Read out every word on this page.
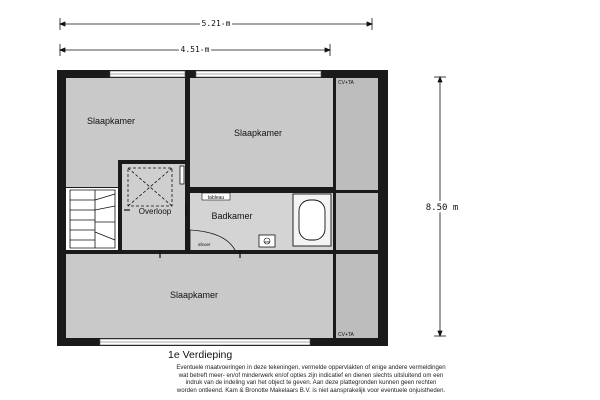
5.21 m
4.51 m
8.50 m
tableau
wm
afvoer
CV+TA
CV+TA
Slaapkamer
Slaapkamer
Overloop	Badkamer
Slaapkamer
1e Verdieping
Eventuele maatvoeringen in deze tekeningen, vermelde oppervlakten of enige andere vermeldingen
wat betreft meer- en/of minderwerk en/of opties zijn indicatief en dienen slechts uitsluitend om een
indruk van de indeling van het object te geven. Aan deze plattegronden kunnen geen rechten
worden ontleend. Kam & Bronotte Makelaars B.V. is niet aansprakelijk voor eventuele onjuistheden.
